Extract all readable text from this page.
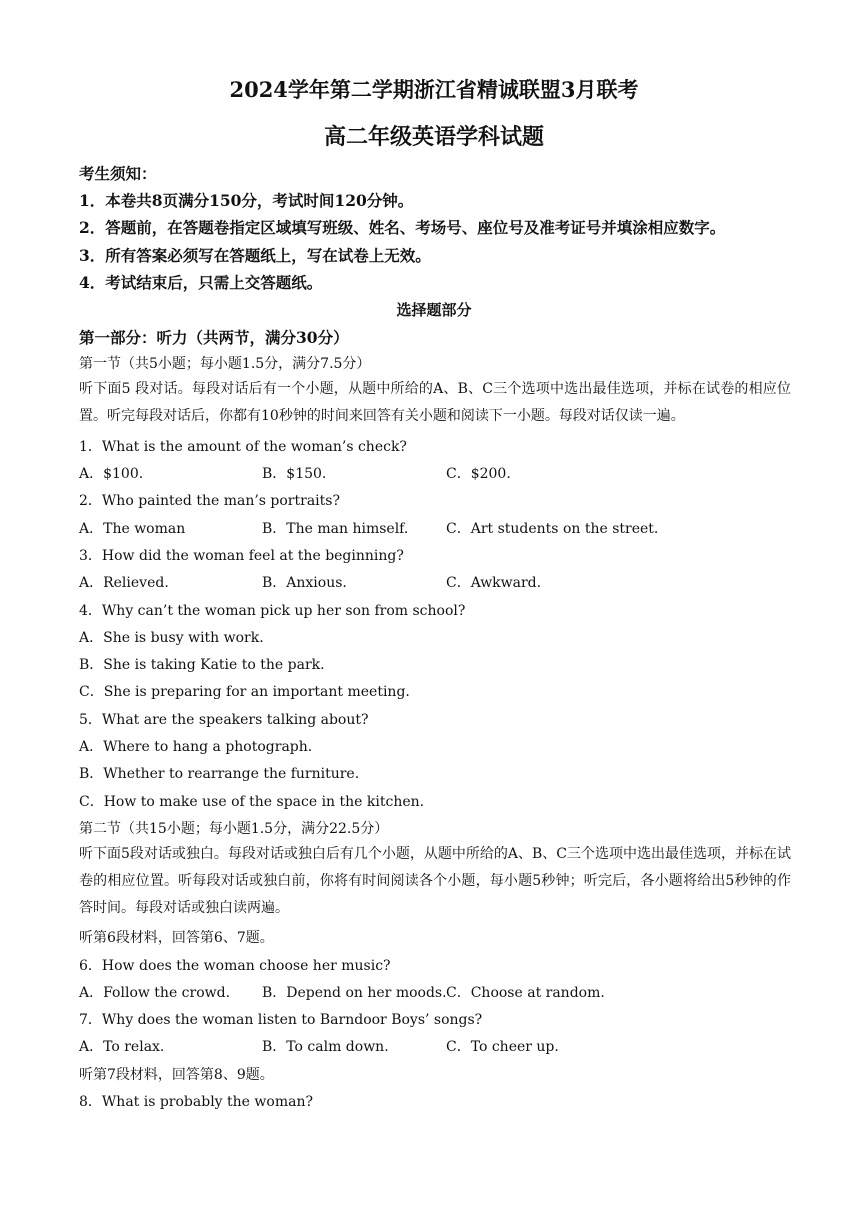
2024学年第二学期浙江省精诚联盟3月联考
高二年级英语学科试题
考生须知：
1．本卷共8页满分150分，考试时间120分钟。
2．答题前，在答题卷指定区域填写班级、姓名、考场号、座位号及准考证号并填涂相应数字。
3．所有答案必须写在答题纸上，写在试卷上无效。
4．考试结束后，只需上交答题纸。
选择题部分
第一部分：听力（共两节，满分30分）
第一节（共5小题；每小题1.5分，满分7.5分）
听下面5 段对话。每段对话后有一个小题，从题中所给的A、B、C三个选项中选出最佳选项，并标在试卷的相应位置。听完每段对话后，你都有10秒钟的时间来回答有关小题和阅读下一小题。每段对话仅读一遍。
1．What is the amount of the woman’s check?
A．$100.	B．$150.	C．$200.
2．Who painted the man’s portraits?
A．The woman	B．The man himself.	C．Art students on the street.
3．How did the woman feel at the beginning?
A．Relieved.	B．Anxious.	C．Awkward.
4．Why can’t the woman pick up her son from school?
A．She is busy with work.
B．She is taking Katie to the park.
C．She is preparing for an important meeting.
5．What are the speakers talking about?
A．Where to hang a photograph.
B．Whether to rearrange the furniture.
C．How to make use of the space in the kitchen.
第二节（共15小题；每小题1.5分，满分22.5分）
听下面5段对话或独白。每段对话或独白后有几个小题，从题中所给的A、B、C三个选项中选出最佳选项，并标在试卷的相应位置。听每段对话或独白前，你将有时间阅读各个小题，每小题5秒钟；听完后，各小题将给出5秒钟的作答时间。每段对话或独白读两遍。
听第6段材料，回答第6、7题。
6．How does the woman choose her music?
A．Follow the crowd. B．Depend on her moods. C．Choose at random.
7．Why does the woman listen to Barndoor Boys’ songs?
A．To relax.	B．To calm down.	C．To cheer up.
听第7段材料，回答第8、9题。
8．What is probably the woman?
